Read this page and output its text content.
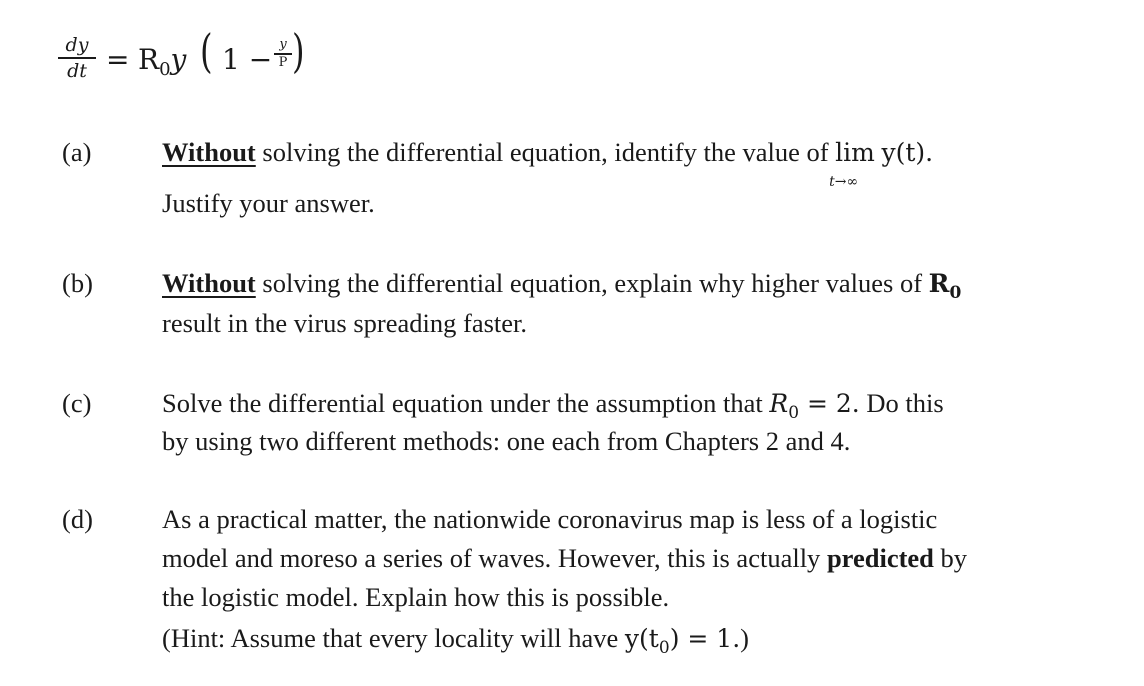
dy
dt = $R_0y$ ( 1 − y
P )
(a)	Without solving the differential equation, identify the value of lim
t→∞
y(t).
Justify your answer.
(b)	Without solving the differential equation, explain why higher values of $R_0$
result in the virus spreading faster.
(c)	Solve the differential equation under the assumption that $R_0 = 2$. Do this
by using two different methods: one each from Chapters 2 and 4.
(d)	As a practical matter, the nationwide coronavirus map is less of a logistic
model and moreso a series of waves. However, this is actually predicted by
the logistic model. Explain how this is possible.
(Hint: Assume that every locality will have $y(t_0) = 1$.)
